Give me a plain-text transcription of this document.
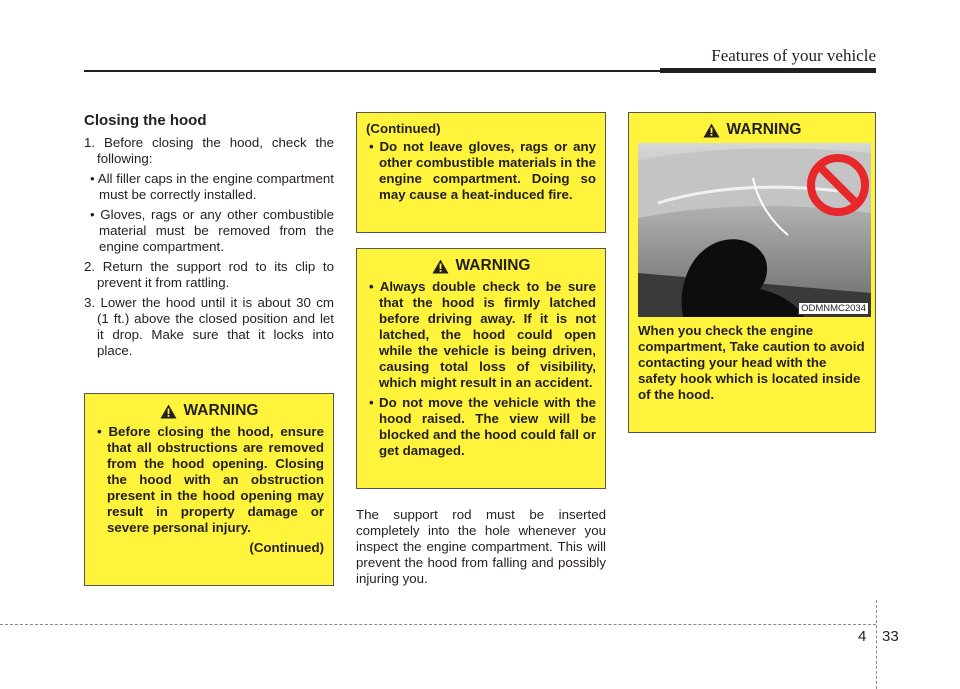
Features of your vehicle
Closing the hood
1. Before closing the hood, check the following:
• All filler caps in the engine compartment must be correctly installed.
• Gloves, rags or any other combustible material must be removed from the engine compartment.
2. Return the support rod to its clip to prevent it from rattling.
3. Lower the hood until it is about 30 cm (1 ft.) above the closed position and let it drop. Make sure that it locks into place.
WARNING
• Before closing the hood, ensure that all obstructions are removed from the hood opening. Closing the hood with an obstruction present in the hood opening may result in property damage or severe personal injury.
(Continued)
(Continued)
• Do not leave gloves, rags or any other combustible materials in the engine compartment. Doing so may cause a heat-induced fire.
WARNING
• Always double check to be sure that the hood is firmly latched before driving away. If it is not latched, the hood could open while the vehicle is being driven, causing total loss of visibility, which might result in an accident.
• Do not move the vehicle with the hood raised. The view will be blocked and the hood could fall or get damaged.
The support rod must be inserted completely into the hole whenever you inspect the engine compartment. This will prevent the hood from falling and possibly injuring you.
WARNING
ODMNMC2034
When you check the engine compartment, Take caution to avoid contacting your head with the safety hook which is located inside of the hood.
4 33
